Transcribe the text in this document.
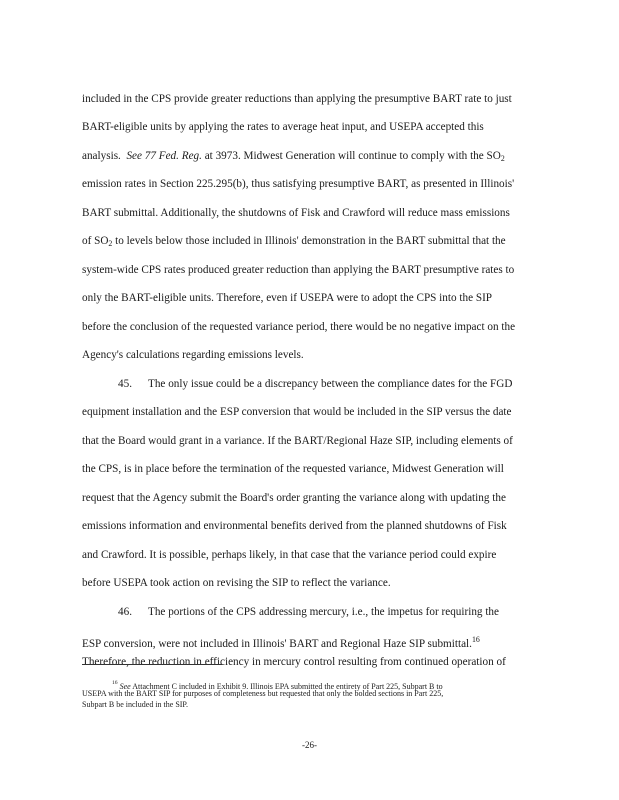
included in the CPS provide greater reductions than applying the presumptive BART rate to just
BART-eligible units by applying the rates to average heat input, and USEPA accepted this
analysis. See 77 Fed. Reg. at 3973. Midwest Generation will continue to comply with the $SO_2$
emission rates in Section 225.295(b), thus satisfying presumptive BART, as presented in Illinois'
BART submittal. Additionally, the shutdowns of Fisk and Crawford will reduce mass emissions
of $SO_2$ to levels below those included in Illinois' demonstration in the BART submittal that the
system-wide CPS rates produced greater reduction than applying the BART presumptive rates to
only the BART-eligible units. Therefore, even if USEPA were to adopt the CPS into the SIP
before the conclusion of the requested variance period, there would be no negative impact on the
Agency's calculations regarding emissions levels.
45. The only issue could be a discrepancy between the compliance dates for the FGD
equipment installation and the ESP conversion that would be included in the SIP versus the date
that the Board would grant in a variance. If the BART/Regional Haze SIP, including elements of
the CPS, is in place before the termination of the requested variance, Midwest Generation will
request that the Agency submit the Board's order granting the variance along with updating the
emissions information and environmental benefits derived from the planned shutdowns of Fisk
and Crawford. It is possible, perhaps likely, in that case that the variance period could expire
before USEPA took action on revising the SIP to reflect the variance.
46. The portions of the CPS addressing mercury, i.e., the impetus for requiring the
ESP conversion, were not included in Illinois' BART and Regional Haze SIP submittal.$^{16}$
Therefore, the reduction in efficiency in mercury control resulting from continued operation of
$^{16}$ See Attachment C included in Exhibit 9. Illinois EPA submitted the entirety of Part 225, Subpart B to
USEPA with the BART SIP for purposes of completeness but requested that only the bolded sections in Part 225,
Subpart B be included in the SIP.
-26-
